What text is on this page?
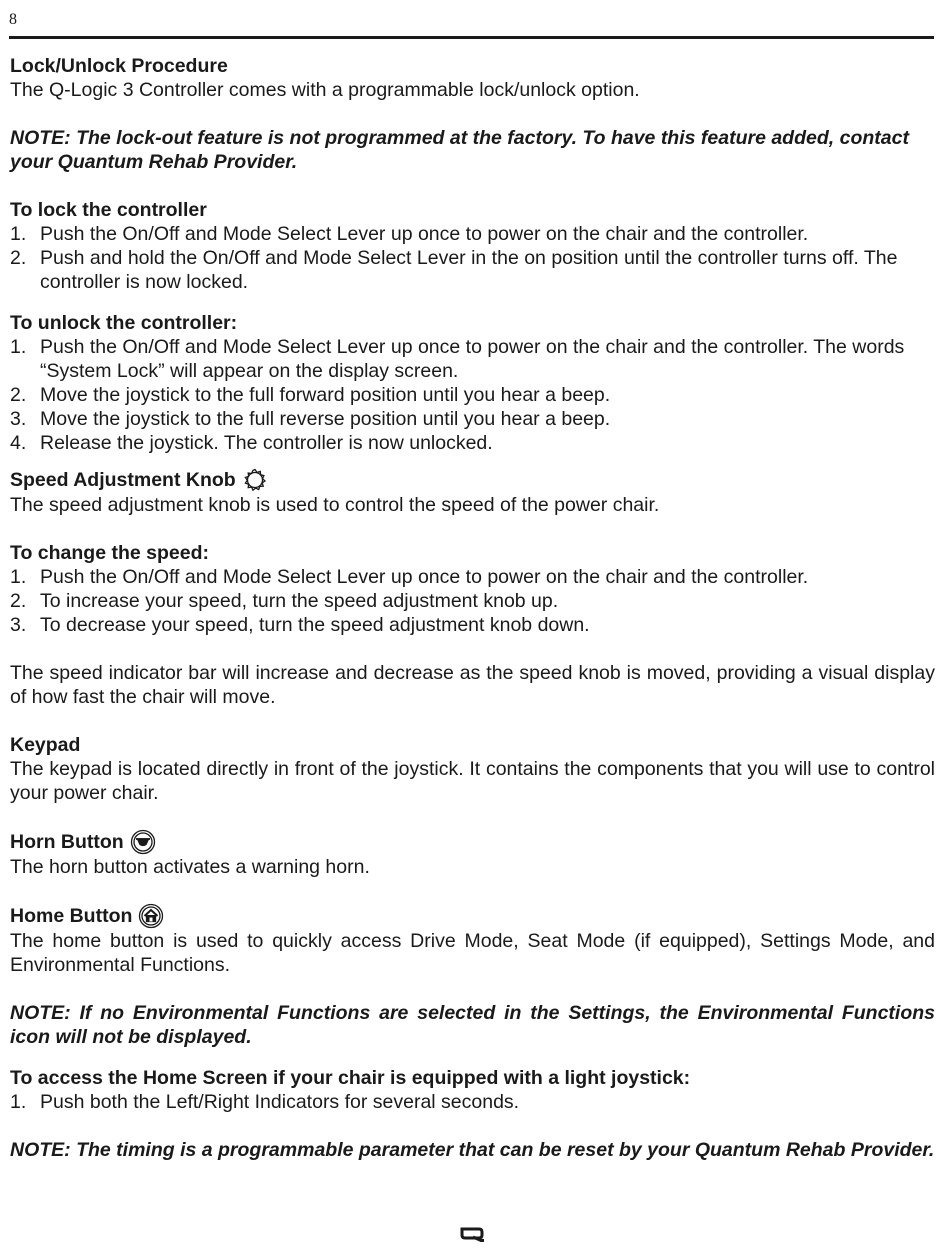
8

Lock/Unlock Procedure

The Q-Logic 3 Controller comes with a programmable lock/unlock option.

NOTE: The lock-out feature is not programmed at the factory. To have this feature added, contact your Quantum Rehab Provider.

To lock the controller

1. Push the On/Off and Mode Select Lever up once to power on the chair and the controller.
2. Push and hold the On/Off and Mode Select Lever in the on position until the controller turns off. The controller is now locked.

To unlock the controller:

1. Push the On/Off and Mode Select Lever up once to power on the chair and the controller. The words “System Lock” will appear on the display screen.
2. Move the joystick to the full forward position until you hear a beep.
3. Move the joystick to the full reverse position until you hear a beep.
4. Release the joystick. The controller is now unlocked.

Speed Adjustment Knob

The speed adjustment knob is used to control the speed of the power chair.

To change the speed:

1. Push the On/Off and Mode Select Lever up once to power on the chair and the controller.
2. To increase your speed, turn the speed adjustment knob up.
3. To decrease your speed, turn the speed adjustment knob down.

The speed indicator bar will increase and decrease as the speed knob is moved, providing a visual display of how fast the chair will move.

Keypad

The keypad is located directly in front of the joystick. It contains the components that you will use to control your power chair.

Horn Button

The horn button activates a warning horn.

Home Button

The home button is used to quickly access Drive Mode, Seat Mode (if equipped), Settings Mode, and Environmental Functions.

NOTE: If no Environmental Functions are selected in the Settings, the Environmental Functions icon will not be displayed.

To access the Home Screen if your chair is equipped with a light joystick:

1. Push both the Left/Right Indicators for several seconds.

NOTE: The timing is a programmable parameter that can be reset by your Quantum Rehab Provider.
